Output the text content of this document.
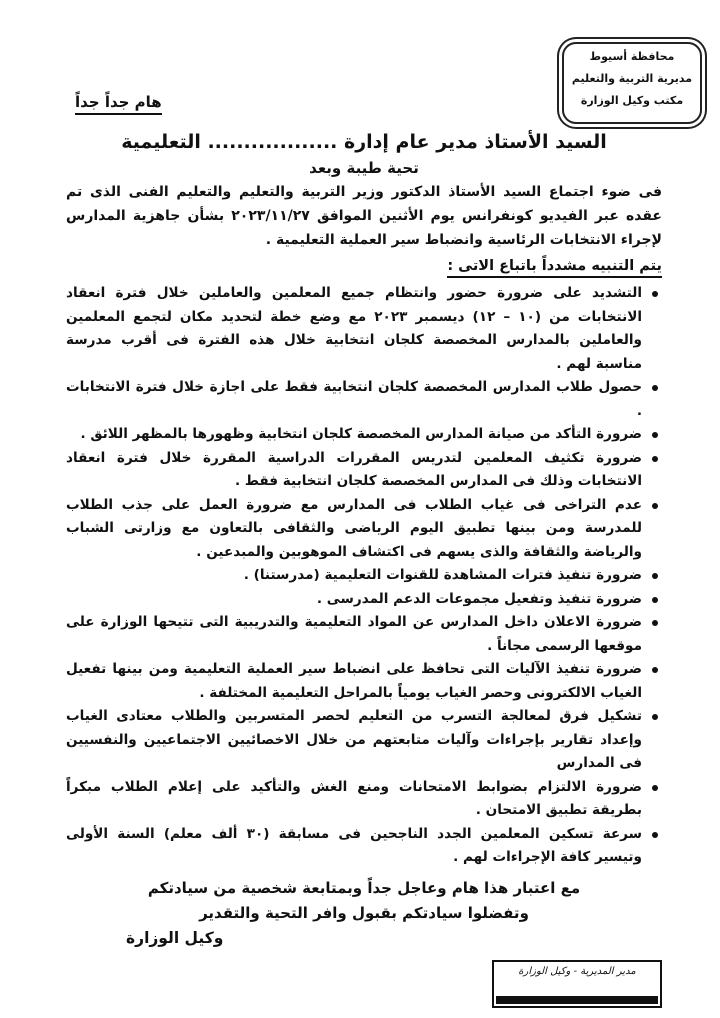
محافظة أسيوط
مديرية التربية والتعليم
مكتب وكيل الوزارة
هام جداً جداً
السيد الأستاذ مدير عام إدارة .................. التعليمية
تحية طيبة وبعد
فى ضوء اجتماع السيد الأستاذ الدكتور وزير التربية والتعليم والتعليم الفنى الذى تم عقده عبر الفيديو كونفرانس يوم الأثنين الموافق ٢٠٢٣/١١/٢٧ بشأن جاهزية المدارس لإجراء الانتخابات الرئاسية وانضباط سير العملية التعليمية .
يتم التنبيه مشدداً باتباع الاتى :
التشديد على ضرورة حضور وانتظام جميع المعلمين والعاملين خلال فترة انعقاد الانتخابات من (١٠ – ١٢) ديسمبر ٢٠٢٣ مع وضع خطة لتحديد مكان لتجمع المعلمين والعاملين بالمدارس المخصصة كلجان انتخابية خلال هذه الفترة فى أقرب مدرسة مناسبة لهم .
حصول طلاب المدارس المخصصة كلجان انتخابية فقط على اجازة خلال فترة الانتخابات .
ضرورة التأكد من صيانة المدارس المخصصة كلجان انتخابية وظهورها بالمظهر اللائق .
ضرورة تكثيف المعلمين لتدريس المقررات الدراسية المقررة خلال فترة انعقاد الانتخابات وذلك فى المدارس المخصصة كلجان انتخابية فقط .
عدم التراخى فى غياب الطلاب فى المدارس مع ضرورة العمل على جذب الطلاب للمدرسة ومن بينها تطبيق اليوم الرياضى والثقافى بالتعاون مع وزارتى الشباب والرياضة والثقافة والذى يسهم فى اكتشاف الموهوبين والمبدعين .
ضرورة تنفيذ فترات المشاهدة للقنوات التعليمية (مدرستنا) .
ضرورة تنفيذ وتفعيل مجموعات الدعم المدرسى .
ضرورة الاعلان داخل المدارس عن المواد التعليمية والتدريبية التى تتيحها الوزارة على موقعها الرسمى مجاناً .
ضرورة تنفيذ الآليات التى تحافظ على انضباط سير العملية التعليمية ومن بينها تفعيل الغياب الالكترونى وحصر الغياب يومياً بالمراحل التعليمية المختلفة .
تشكيل فرق لمعالجة التسرب من التعليم لحصر المتسربين والطلاب معتادى الغياب وإعداد تقارير بإجراءات وآليات متابعتهم من خلال الاخصائيين الاجتماعيين والنفسيين فى المدارس
ضرورة الالتزام بضوابط الامتحانات ومنع الغش والتأكيد على إعلام الطلاب مبكراً بطريقة تطبيق الامتحان .
سرعة تسكين المعلمين الجدد الناجحين فى مسابقة (٣٠ ألف معلم) السنة الأولى وتيسير كافة الإجراءات لهم .
مع اعتبار هذا هام وعاجل جداً وبمتابعة شخصية من سيادتكم
وتفضلوا سيادتكم بقبول وافر التحية والتقدير
وكيل الوزارة
مدير المديرية - وكيل الوزارة
